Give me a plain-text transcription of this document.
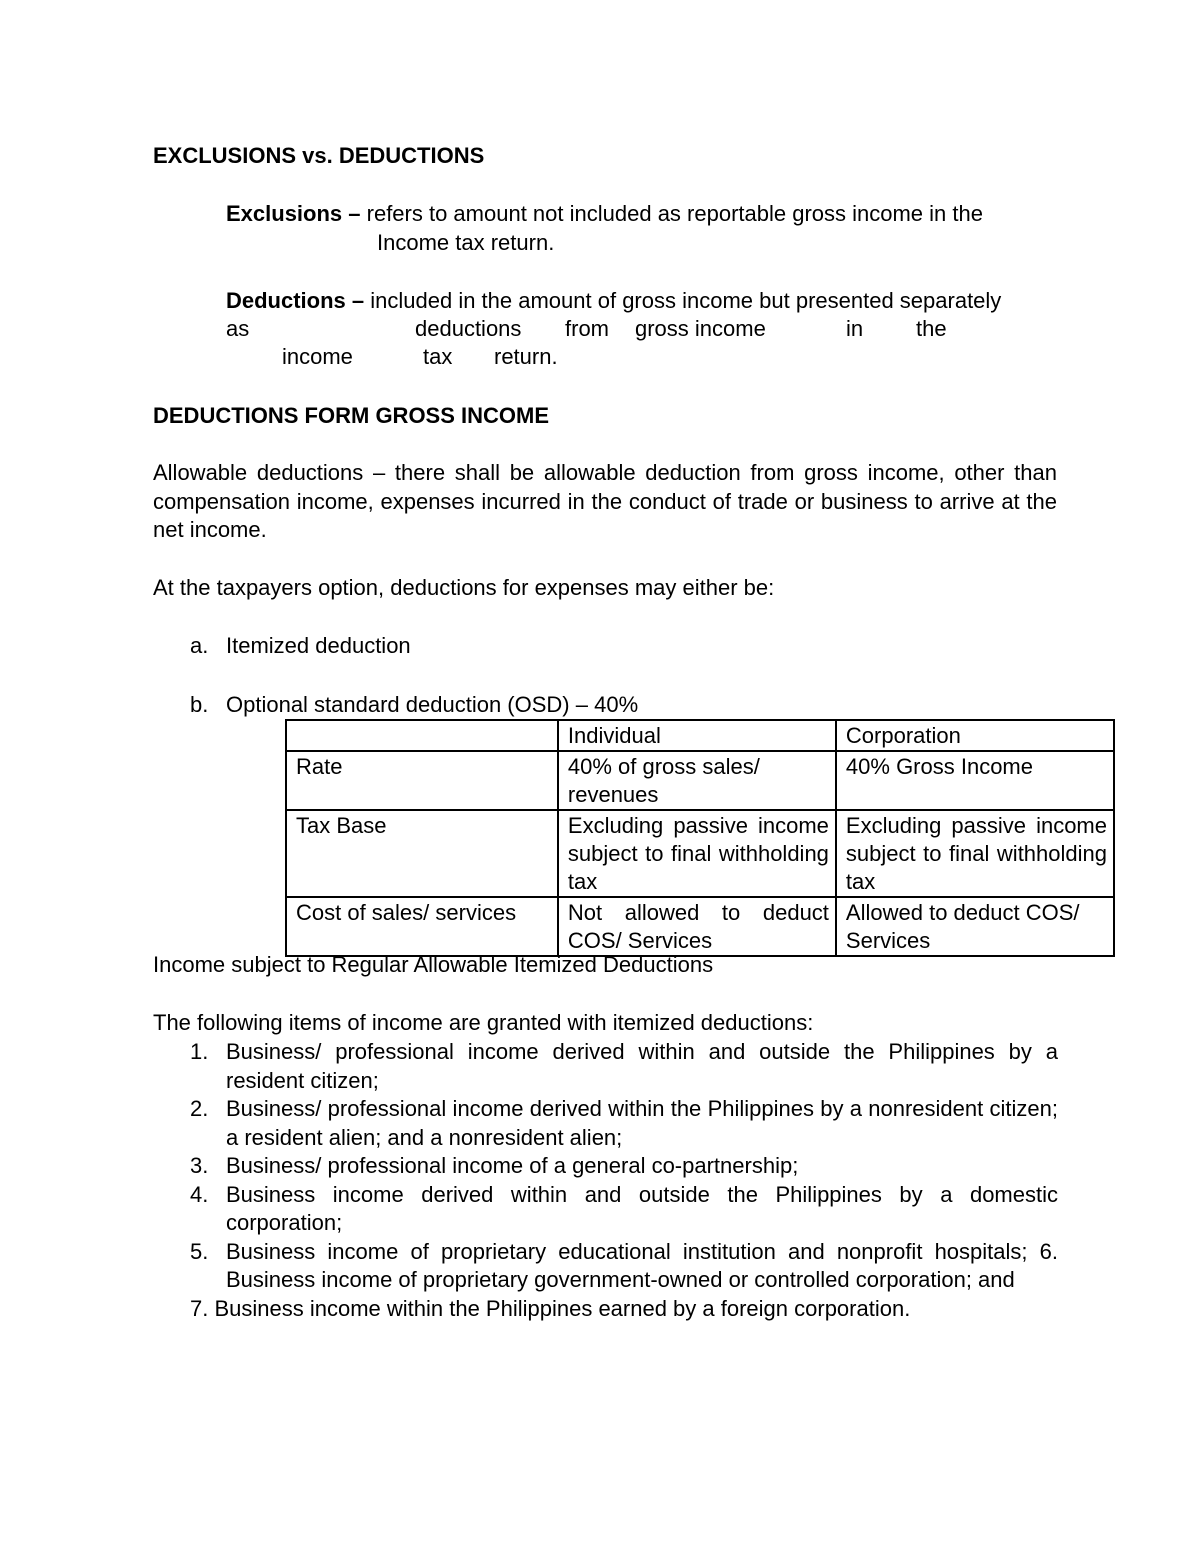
EXCLUSIONS vs. DEDUCTIONS
Exclusions – refers to amount not included as reportable gross income in the
Income tax return.
Deductions – included in the amount of gross income but presented separately
as	deductions from gross income	in the
income	tax return.
DEDUCTIONS FORM GROSS INCOME
Allowable deductions – there shall be allowable deduction from gross income, other than compensation income, expenses incurred in the conduct of trade or business to arrive at the net income.
At the taxpayers option, deductions for expenses may either be:
a. Itemized deduction
b. Optional standard deduction (OSD) – 40%
	Individual	Corporation
Rate	40% of gross sales/ revenues	40% Gross Income
Tax Base	Excluding passive income subject to final withholding tax	Excluding passive income subject to final withholding tax
Cost of sales/ services	Not allowed to deduct COS/ Services	Allowed to deduct COS/ Services
Income subject to Regular Allowable Itemized Deductions
The following items of income are granted with itemized deductions:
1. Business/ professional income derived within and outside the Philippines by a resident citizen;
2. Business/ professional income derived within the Philippines by a nonresident citizen; a resident alien; and a nonresident alien;
3. Business/ professional income of a general co-partnership;
4. Business income derived within and outside the Philippines by a domestic corporation;
5. Business income of proprietary educational institution and nonprofit hospitals; 6. Business income of proprietary government-owned or controlled corporation; and
7. Business income within the Philippines earned by a foreign corporation.
